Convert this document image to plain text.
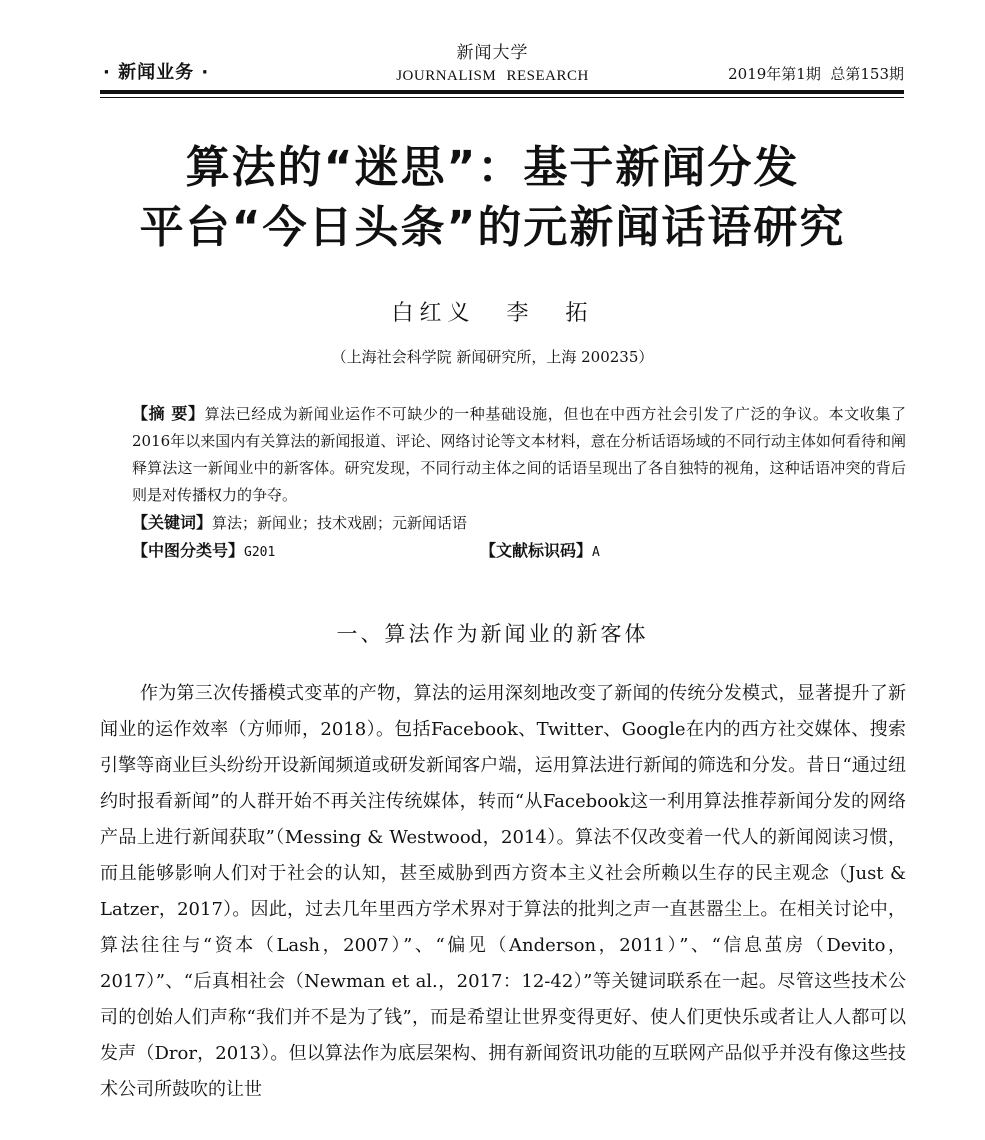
· 新闻业务 ·
新闻大学
JOURNALISM RESEARCH	2019年第1期  总第153期
算法的“迷思”：基于新闻分发
平台“今日头条”的元新闻话语研究
白红义 李 拓
（上海社会科学院 新闻研究所，上海 200235）
【摘 要】算法已经成为新闻业运作不可缺少的一种基础设施，但也在中西方社会引发了广泛的争议。本文收集了2016年以来国内有关算法的新闻报道、评论、网络讨论等文本材料，意在分析话语场域的不同行动主体如何看待和阐释算法这一新闻业中的新客体。研究发现，不同行动主体之间的话语呈现出了各自独特的视角，这种话语冲突的背后则是对传播权力的争夺。
【关键词】算法；新闻业；技术戏剧；元新闻话语
【中图分类号】G201	【文献标识码】A
一、算法作为新闻业的新客体

作为第三次传播模式变革的产物，算法的运用深刻地改变了新闻的传统分发模式，显著提升了新闻业的运作效率（方师师，2018）。包括Facebook、Twitter、Google在内的西方社交媒体、搜索引擎等商业巨头纷纷开设新闻频道或研发新闻客户端，运用算法进行新闻的筛选和分发。昔日“通过纽约时报看新闻”的人群开始不再关注传统媒体，转而“从Facebook这一利用算法推荐新闻分发的网络产品上进行新闻获取”（Messing & Westwood，2014）。算法不仅改变着一代人的新闻阅读习惯，而且能够影响人们对于社会的认知，甚至威胁到西方资本主义社会所赖以生存的民主观念（Just & Latzer，2017）。因此，过去几年里西方学术界对于算法的批判之声一直甚嚣尘上。在相关讨论中，算法往往与“资本（Lash，2007）”、“偏见（Anderson，2011）”、“信息茧房（Devito，2017）”、“后真相社会（Newman et al.，2017：12-42）”等关键词联系在一起。尽管这些技术公司的创始人们声称“我们并不是为了钱”，而是希望让世界变得更好、使人们更快乐或者让人人都可以发声（Dror，2013）。但以算法作为底层架构、拥有新闻资讯功能的互联网产品似乎并没有像这些技术公司所鼓吹的让世
